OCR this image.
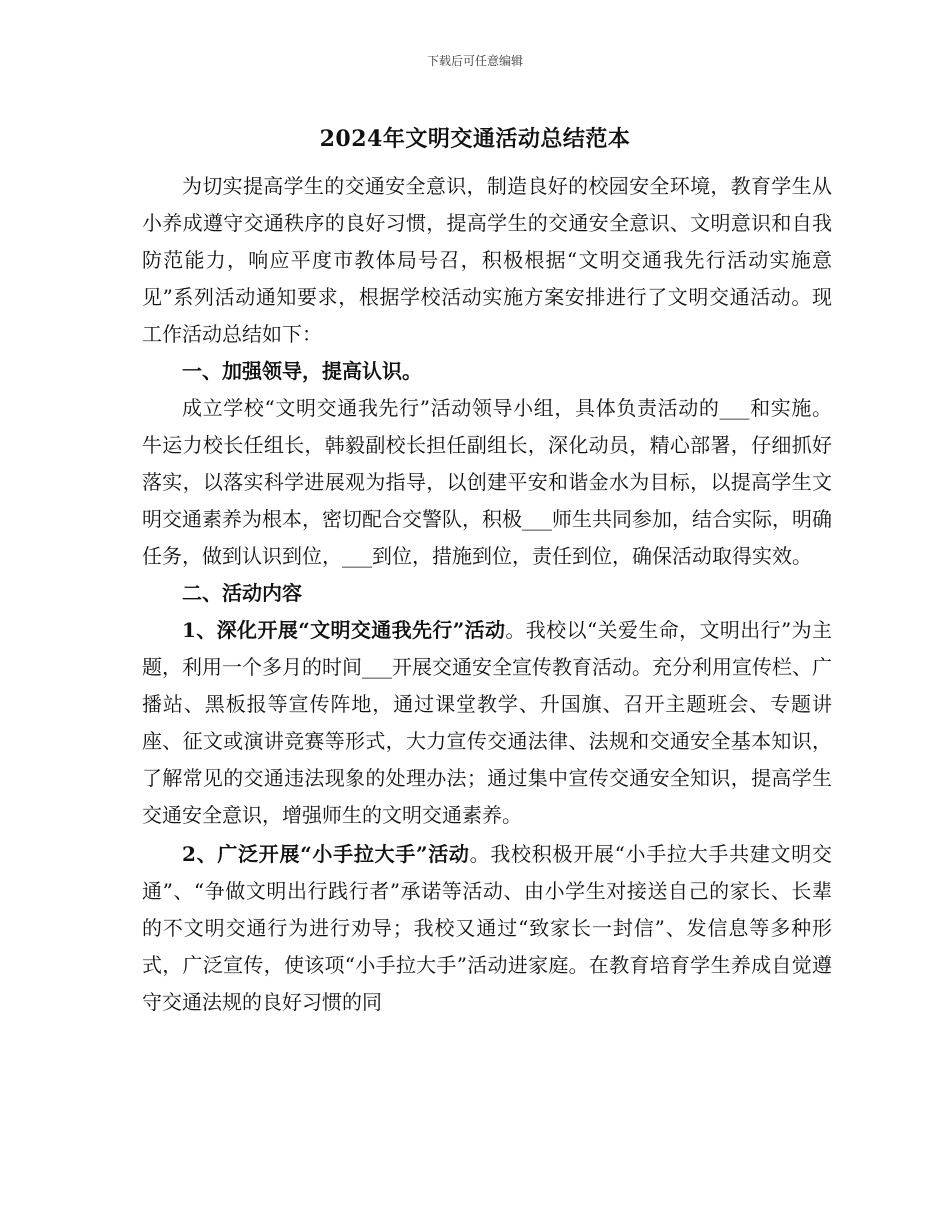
下载后可任意编辑
2024年文明交通活动总结范本

为切实提高学生的交通安全意识，制造良好的校园安全环境，教育学生从小养成遵守交通秩序的良好习惯，提高学生的交通安全意识、文明意识和自我防范能力，响应平度市教体局号召，积极根据“文明交通我先行活动实施意见”系列活动通知要求，根据学校活动实施方案安排进行了文明交通活动。现工作活动总结如下：

一、加强领导，提高认识。

成立学校“文明交通我先行”活动领导小组，具体负责活动的___和实施。牛运力校长任组长，韩毅副校长担任副组长，深化动员，精心部署，仔细抓好落实，以落实科学进展观为指导，以创建平安和谐金水为目标，以提高学生文明交通素养为根本，密切配合交警队，积极___师生共同参加，结合实际，明确任务，做到认识到位，___到位，措施到位，责任到位，确保活动取得实效。

二、活动内容

1、深化开展“文明交通我先行”活动。我校以“关爱生命，文明出行”为主题，利用一个多月的时间___开展交通安全宣传教育活动。充分利用宣传栏、广播站、黑板报等宣传阵地，通过课堂教学、升国旗、召开主题班会、专题讲座、征文或演讲竞赛等形式，大力宣传交通法律、法规和交通安全基本知识，了解常见的交通违法现象的处理办法；通过集中宣传交通安全知识，提高学生交通安全意识，增强师生的文明交通素养。

2、广泛开展“小手拉大手”活动。我校积极开展“小手拉大手共建文明交通”、“争做文明出行践行者”承诺等活动、由小学生对接送自己的家长、长辈的不文明交通行为进行劝导；我校又通过“致家长一封信”、发信息等多种形式，广泛宣传，使该项“小手拉大手”活动进家庭。在教育培育学生养成自觉遵守交通法规的良好习惯的同
